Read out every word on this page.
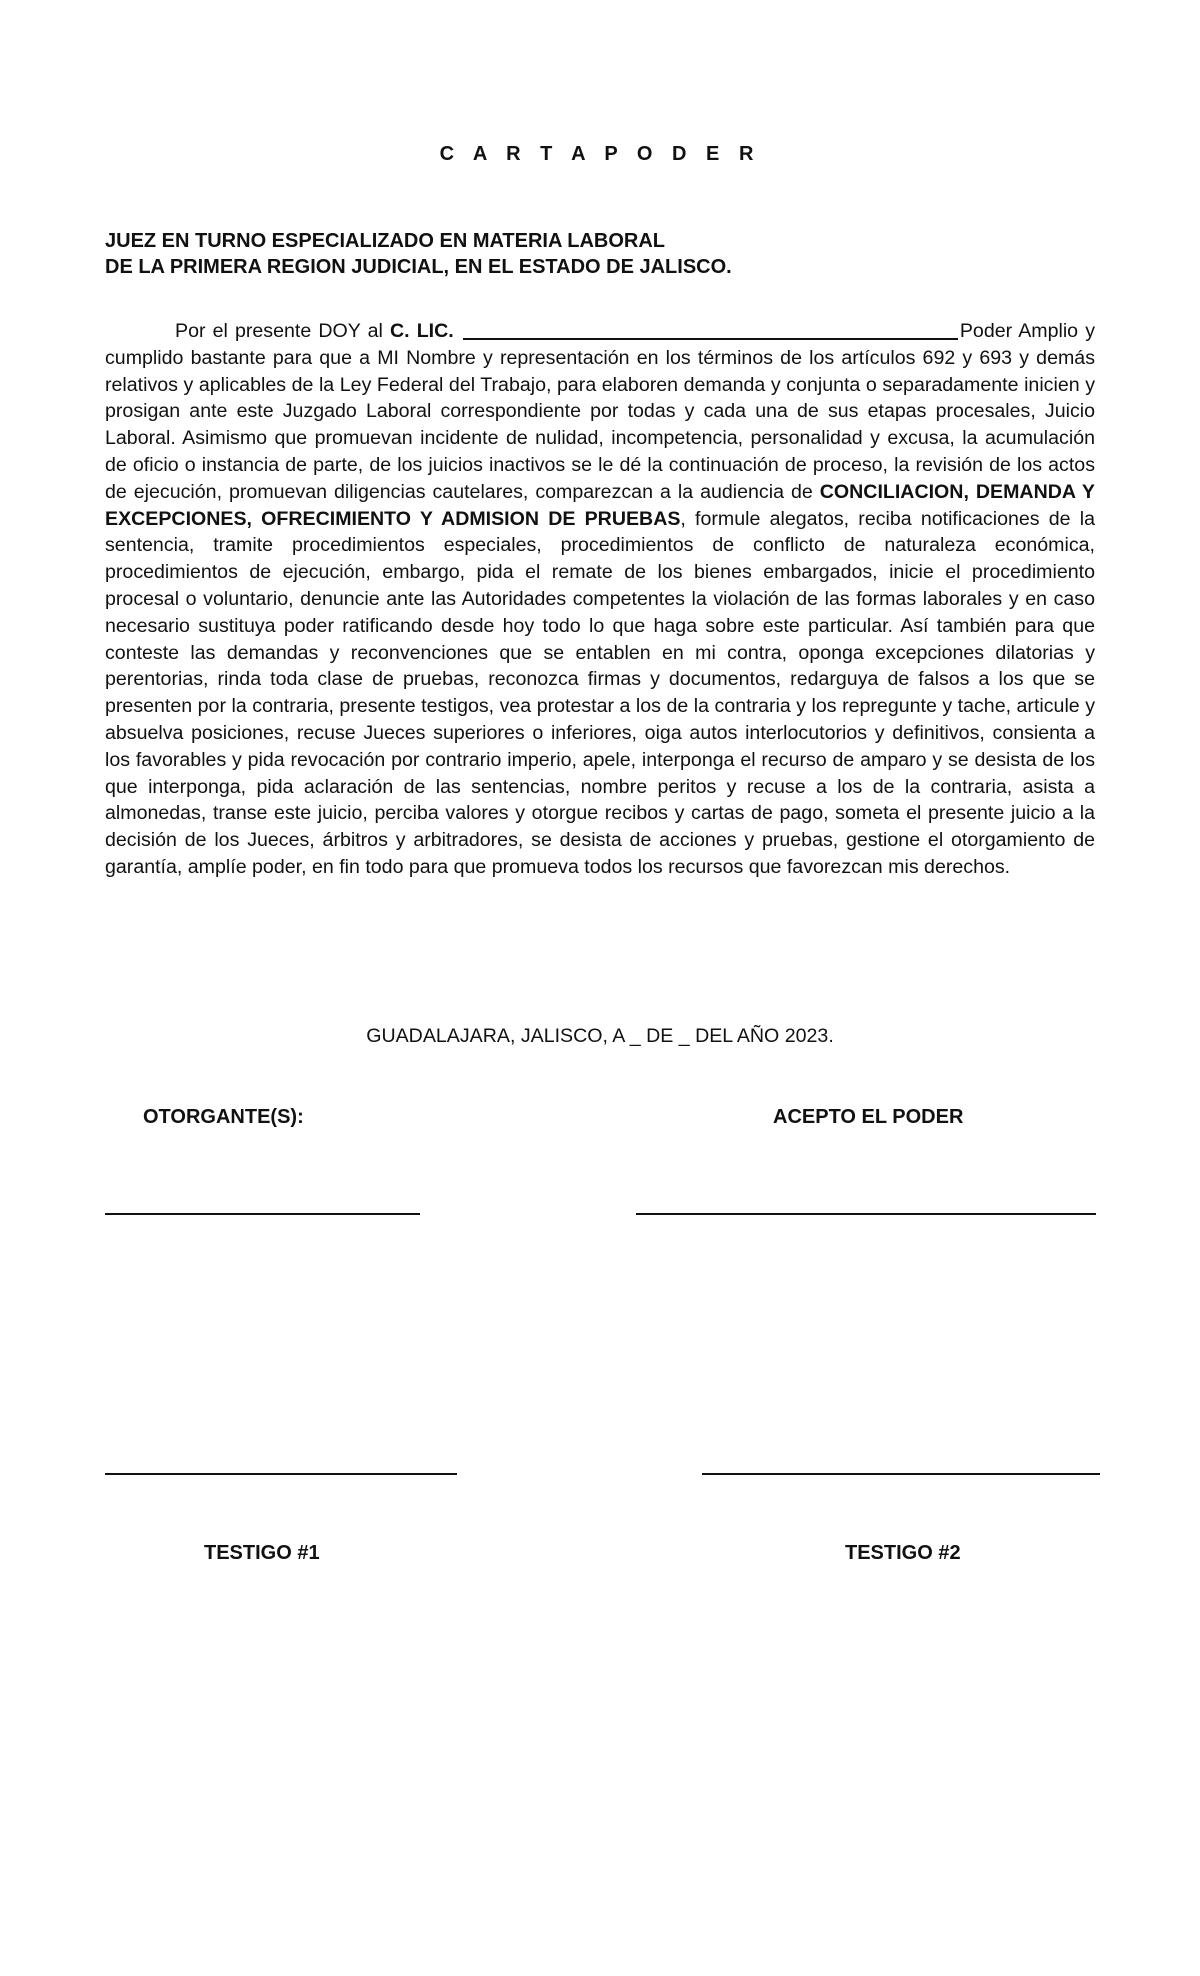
C A R T A P O D E R
JUEZ EN TURNO ESPECIALIZADO EN MATERIA LABORAL
DE LA PRIMERA REGION JUDICIAL, EN EL ESTADO DE JALISCO.
Por el presente DOY al C. LIC.	Poder Amplio y cumplido bastante para que a MI Nombre y representación en los términos de los artículos 692 y 693 y demás relativos y aplicables de la Ley Federal del Trabajo, para elaboren demanda y conjunta o separadamente inicien y prosigan ante este Juzgado Laboral correspondiente por todas y cada una de sus etapas procesales, Juicio Laboral. Asimismo que promuevan incidente de nulidad, incompetencia, personalidad y excusa, la acumulación de oficio o instancia de parte, de los juicios inactivos se le dé la continuación de proceso, la revisión de los actos de ejecución, promuevan diligencias cautelares, comparezcan a la audiencia de CONCILIACION, DEMANDA Y EXCEPCIONES, OFRECIMIENTO Y ADMISION DE PRUEBAS, formule alegatos, reciba notificaciones de la sentencia, tramite procedimientos especiales, procedimientos de conflicto de naturaleza económica, procedimientos de ejecución, embargo, pida el remate de los bienes embargados, inicie el procedimiento procesal o voluntario, denuncie ante las Autoridades competentes la violación de las formas laborales y en caso necesario sustituya poder ratificando desde hoy todo lo que haga sobre este particular. Así también para que conteste las demandas y reconvenciones que se entablen en mi contra, oponga excepciones dilatorias y perentorias, rinda toda clase de pruebas, reconozca firmas y documentos, redarguya de falsos a los que se presenten por la contraria, presente testigos, vea protestar a los de la contraria y los repregunte y tache, articule y absuelva posiciones, recuse Jueces superiores o inferiores, oiga autos interlocutorios y definitivos, consienta a los favorables y pida revocación por contrario imperio, apele, interponga el recurso de amparo y se desista de los que interponga, pida aclaración de las sentencias, nombre peritos y recuse a los de la contraria, asista a almonedas, transe este juicio, perciba valores y otorgue recibos y cartas de pago, someta el presente juicio a la decisión de los Jueces, árbitros y arbitradores, se desista de acciones y pruebas, gestione el otorgamiento de garantía, amplíe poder, en fin todo para que promueva todos los recursos que favorezcan mis derechos.
GUADALAJARA, JALISCO, A _ DE _ DEL AÑO 2023.
OTORGANTE(S):	ACEPTO EL PODER
TESTIGO #1	TESTIGO #2
